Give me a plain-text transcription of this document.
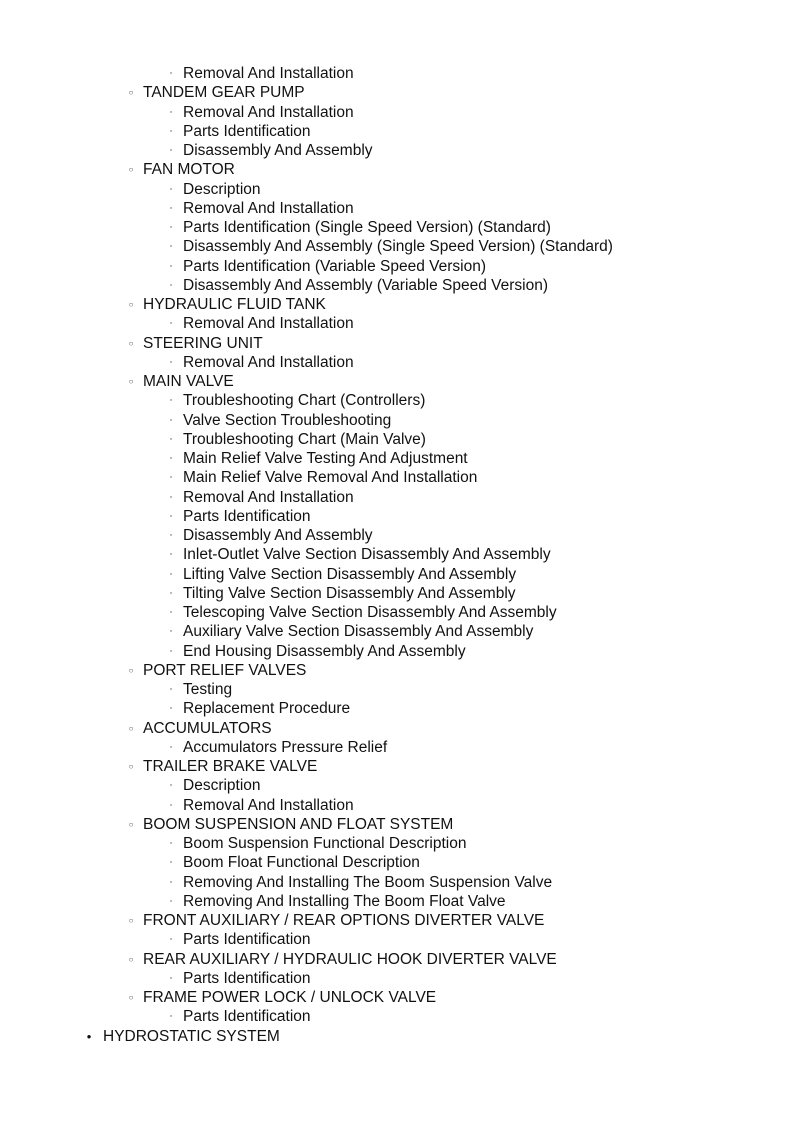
▫ Removal And Installation
○ TANDEM GEAR PUMP
▫ Removal And Installation
▫ Parts Identification
▫ Disassembly And Assembly
○ FAN MOTOR
▫ Description
▫ Removal And Installation
▫ Parts Identification (Single Speed Version) (Standard)
▫ Disassembly And Assembly (Single Speed Version) (Standard)
▫ Parts Identification (Variable Speed Version)
▫ Disassembly And Assembly (Variable Speed Version)
○ HYDRAULIC FLUID TANK
▫ Removal And Installation
○ STEERING UNIT
▫ Removal And Installation
○ MAIN VALVE
▫ Troubleshooting Chart (Controllers)
▫ Valve Section Troubleshooting
▫ Troubleshooting Chart (Main Valve)
▫ Main Relief Valve Testing And Adjustment
▫ Main Relief Valve Removal And Installation
▫ Removal And Installation
▫ Parts Identification
▫ Disassembly And Assembly
▫ Inlet-Outlet Valve Section Disassembly And Assembly
▫ Lifting Valve Section Disassembly And Assembly
▫ Tilting Valve Section Disassembly And Assembly
▫ Telescoping Valve Section Disassembly And Assembly
▫ Auxiliary Valve Section Disassembly And Assembly
▫ End Housing Disassembly And Assembly
○ PORT RELIEF VALVES
▫ Testing
▫ Replacement Procedure
○ ACCUMULATORS
▫ Accumulators Pressure Relief
○ TRAILER BRAKE VALVE
▫ Description
▫ Removal And Installation
○ BOOM SUSPENSION AND FLOAT SYSTEM
▫ Boom Suspension Functional Description
▫ Boom Float Functional Description
▫ Removing And Installing The Boom Suspension Valve
▫ Removing And Installing The Boom Float Valve
○ FRONT AUXILIARY / REAR OPTIONS DIVERTER VALVE
▫ Parts Identification
○ REAR AUXILIARY / HYDRAULIC HOOK DIVERTER VALVE
▫ Parts Identification
○ FRAME POWER LOCK / UNLOCK VALVE
▫ Parts Identification
• HYDROSTATIC SYSTEM
